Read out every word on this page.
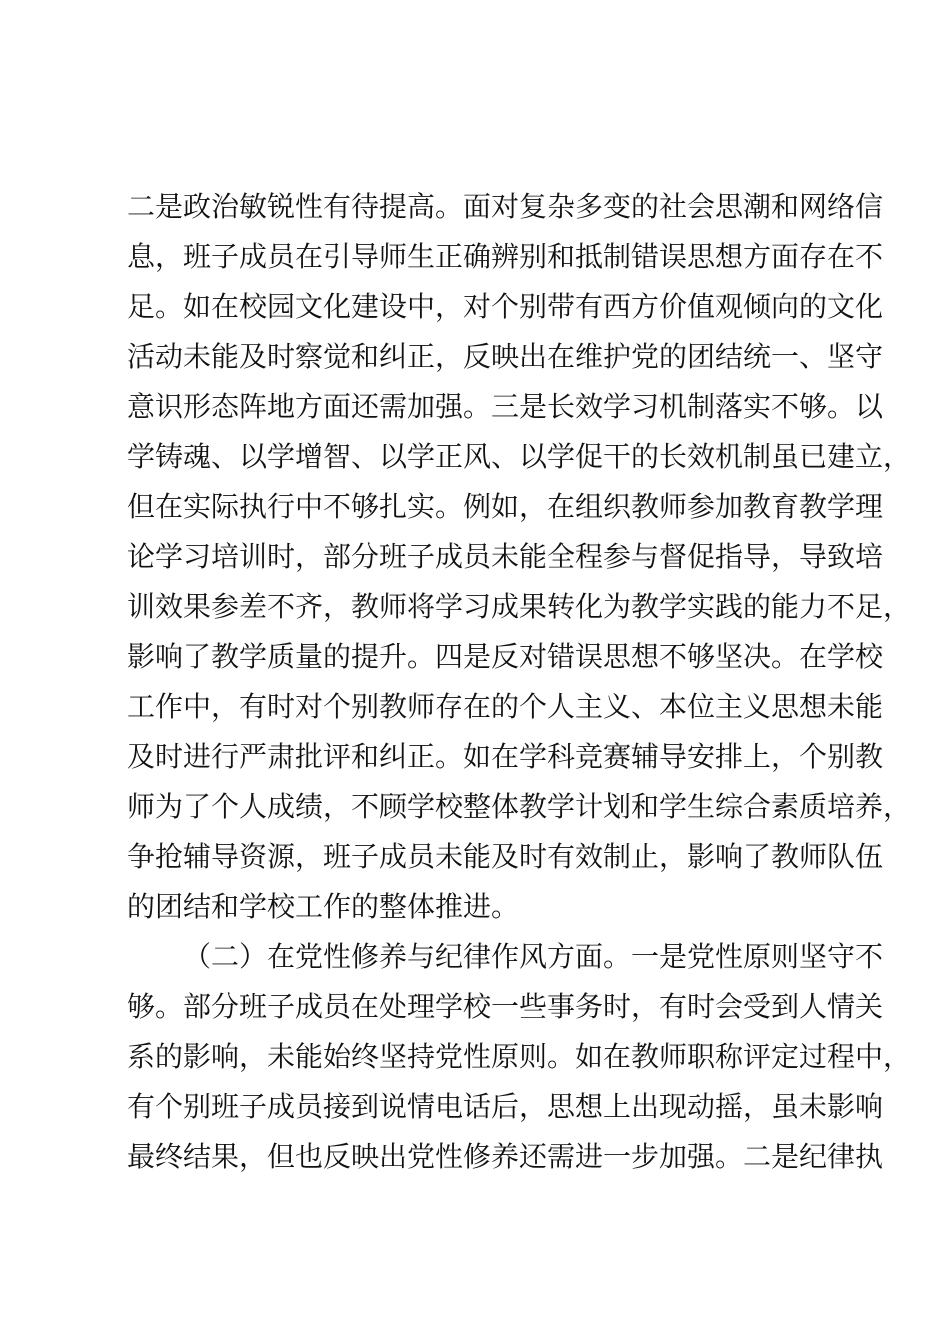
二是政治敏锐性有待提高。面对复杂多变的社会思潮和网络信
息，班子成员在引导师生正确辨别和抵制错误思想方面存在不
足。如在校园文化建设中，对个别带有西方价值观倾向的文化
活动未能及时察觉和纠正，反映出在维护党的团结统一、坚守
意识形态阵地方面还需加强。三是长效学习机制落实不够。以
学铸魂、以学增智、以学正风、以学促干的长效机制虽已建立，
但在实际执行中不够扎实。例如，在组织教师参加教育教学理
论学习培训时，部分班子成员未能全程参与督促指导，导致培
训效果参差不齐，教师将学习成果转化为教学实践的能力不足，
影响了教学质量的提升。四是反对错误思想不够坚决。在学校
工作中，有时对个别教师存在的个人主义、本位主义思想未能
及时进行严肃批评和纠正。如在学科竞赛辅导安排上，个别教
师为了个人成绩，不顾学校整体教学计划和学生综合素质培养，
争抢辅导资源，班子成员未能及时有效制止，影响了教师队伍
的团结和学校工作的整体推进。
（二）在党性修养与纪律作风方面。一是党性原则坚守不
够。部分班子成员在处理学校一些事务时，有时会受到人情关
系的影响，未能始终坚持党性原则。如在教师职称评定过程中，
有个别班子成员接到说情电话后，思想上出现动摇，虽未影响
最终结果，但也反映出党性修养还需进一步加强。二是纪律执
